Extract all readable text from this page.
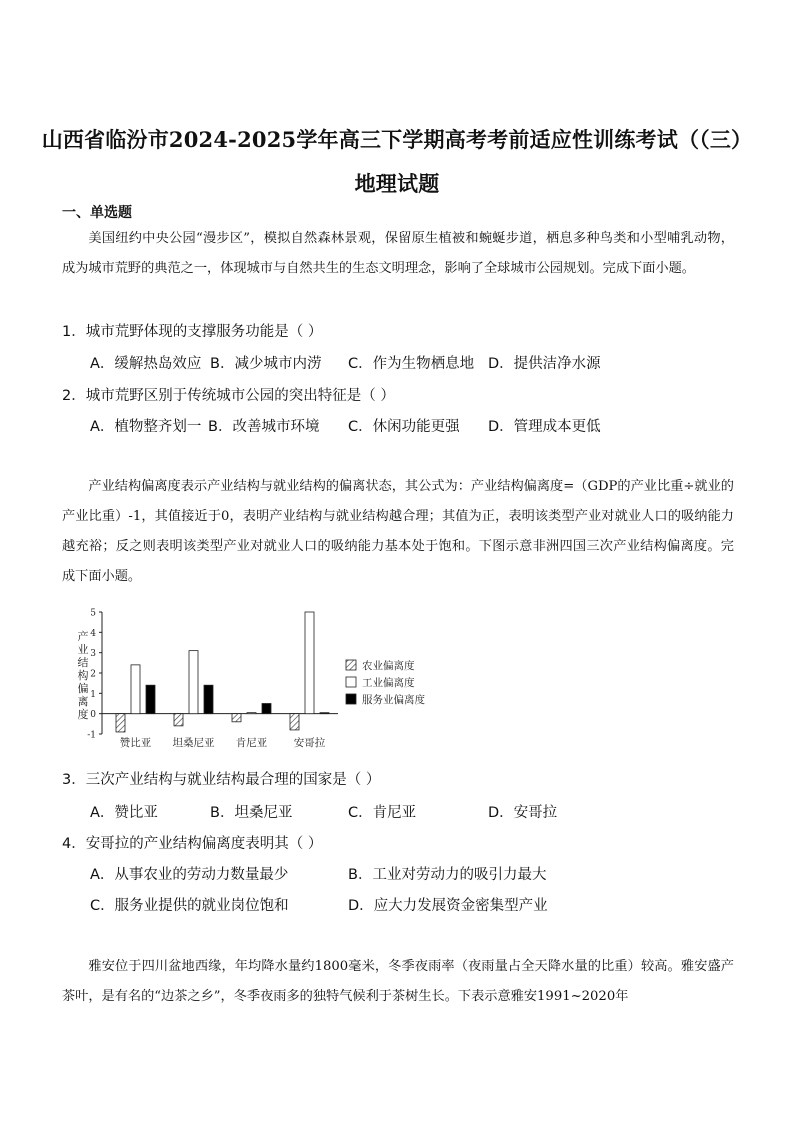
山西省临汾市2024-2025学年高三下学期高考考前适应性训练考试（（三）
地理试题
一、单选题
美国纽约中央公园“漫步区”，模拟自然森林景观，保留原生植被和蜿蜒步道，栖息多种鸟类和小型哺乳动物，成为城市荒野的典范之一，体现城市与自然共生的生态文明理念，影响了全球城市公园规划。完成下面小题。
1．城市荒野体现的支撑服务功能是（ ）
A．缓解热岛效应 B．减少城市内涝 C．作为生物栖息地 D．提供洁净水源
2．城市荒野区别于传统城市公园的突出特征是（ ）
A．植物整齐划一 B．改善城市环境 C．休闲功能更强 D．管理成本更低
产业结构偏离度表示产业结构与就业结构的偏离状态，其公式为：产业结构偏离度=（GDP的产业比重÷就业的产业比重）-1，其值接近于0，表明产业结构与就业结构越合理；其值为正，表明该类型产业对就业人口的吸纳能力越充裕；反之则表明该类型产业对就业人口的吸纳能力基本处于饱和。下图示意非洲四国三次产业结构偏离度。完成下面小题。
-1
0
1
2
3
4
5
产
业
结
构
偏
离
度
赞比亚 坦桑尼亚 肯尼亚	安哥拉
农业偏离度
工业偏离度
服务业偏离度
3．三次产业结构与就业结构最合理的国家是（ ）
A．赞比亚	B．坦桑尼亚	C．肯尼亚	D．安哥拉
4．安哥拉的产业结构偏离度表明其（ ）
A．从事农业的劳动力数量最少	B．工业对劳动力的吸引力最大
C．服务业提供的就业岗位饱和	D．应大力发展资金密集型产业
雅安位于四川盆地西缘，年均降水量约1800毫米，冬季夜雨率（夜雨量占全天降水量的比重）较高。雅安盛产茶叶，是有名的“边茶之乡”，冬季夜雨多的独特气候利于茶树生长。下表示意雅安1991~2020年
